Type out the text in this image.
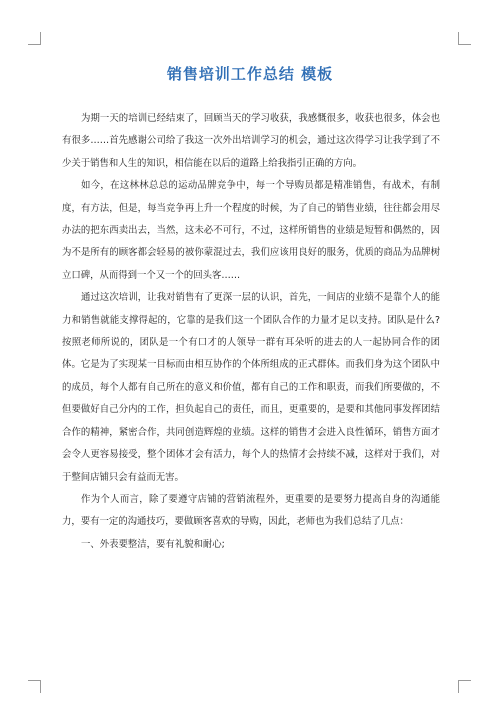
销售培训工作总结 模板

为期一天的培训已经结束了，回顾当天的学习收获，我感慨很多，收获也很多，体会也有很多……首先感谢公司给了我这一次外出培训学习的机会，通过这次得学习让我学到了不少关于销售和人生的知识，相信能在以后的道路上给我指引正确的方向。

如今，在这林林总总的运动品牌竞争中，每一个导购员都是精准销售，有战术，有制度，有方法，但是，每当竞争再上升一个程度的时候，为了自己的销售业绩，往往都会用尽办法的把东西卖出去，当然，这未必不可行，不过，这样所销售的业绩是短暂和偶然的，因为不是所有的顾客都会轻易的被你蒙混过去，我们应该用良好的服务，优质的商品为品牌树立口碑，从而得到一个又一个的回头客……

通过这次培训，让我对销售有了更深一层的认识，首先，一间店的业绩不是靠个人的能力和销售就能支撑得起的，它靠的是我们这一个团队合作的力量才足以支持。团队是什么?按照老师所说的，团队是一个有口才的人领导一群有耳朵听的进去的人一起协同合作的团体。它是为了实现某一目标而由相互协作的个体所组成的正式群体。而我们身为这个团队中的成员，每个人都有自己所在的意义和价值，都有自己的工作和职责，而我们所要做的，不但要做好自己分内的工作，担负起自己的责任，而且，更重要的，是要和其他同事发挥团结合作的精神，紧密合作，共同创造辉煌的业绩。这样的销售才会进入良性循环，销售方面才会令人更容易接受，整个团体才会有活力，每个人的热情才会持续不减，这样对于我们，对于整间店铺只会有益而无害。

作为个人而言，除了要遵守店铺的营销流程外，更重要的是要努力提高自身的沟通能力，要有一定的沟通技巧，要做顾客喜欢的导购，因此，老师也为我们总结了几点：

一、外表要整洁，要有礼貌和耐心;
